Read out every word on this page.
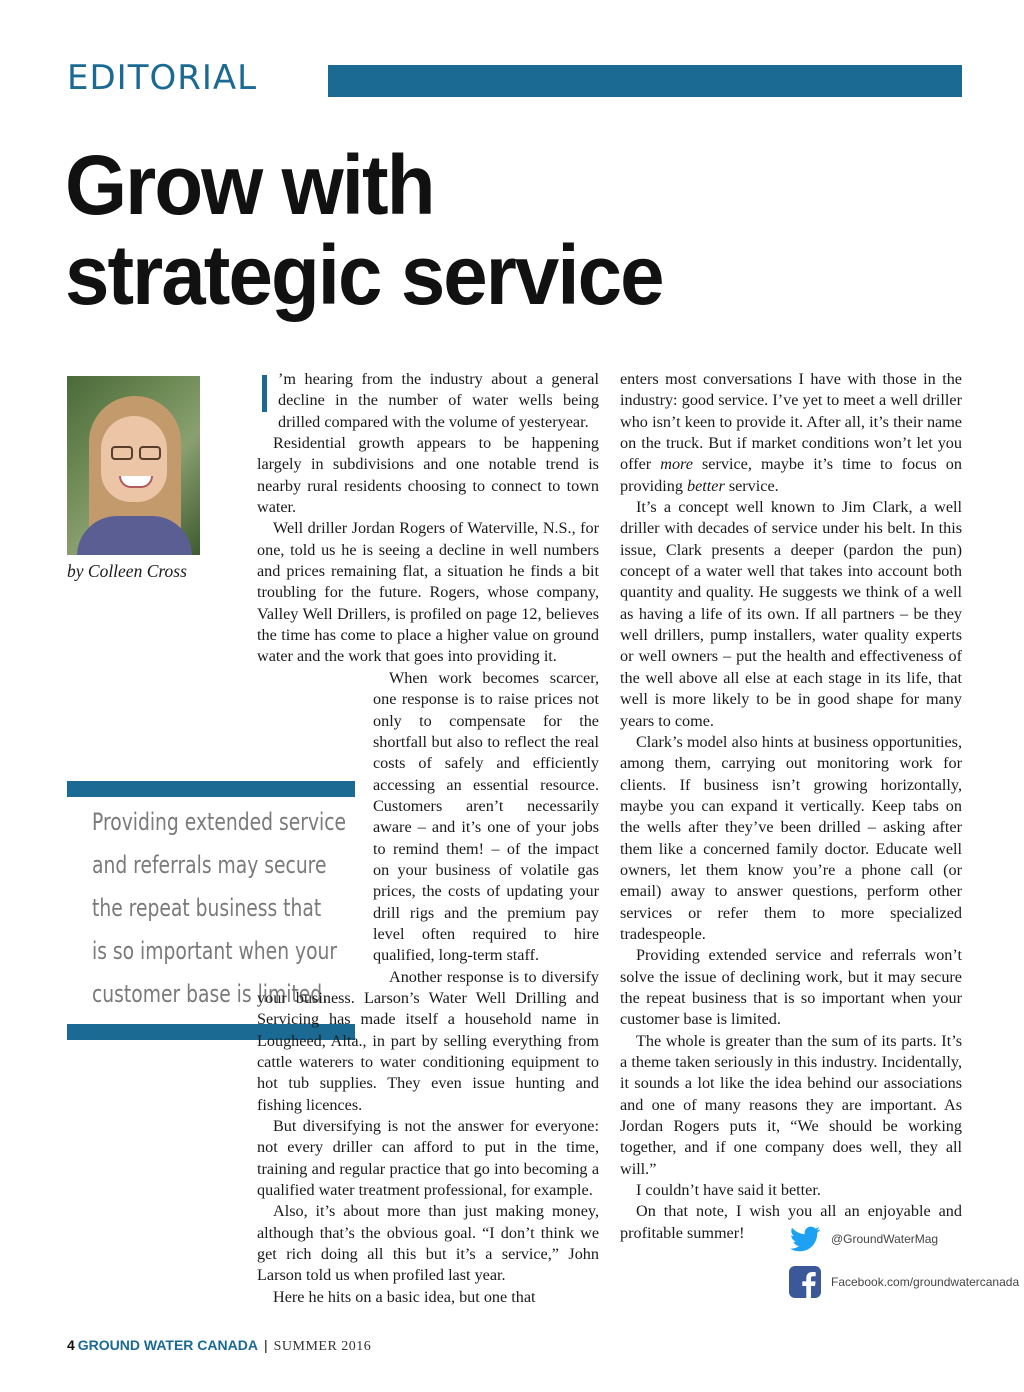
EDITORIAL
Grow with
strategic service
by Colleen Cross
Providing extended service
and referrals may secure
the repeat business that
is so important when your
customer base is limited.

I ’m hearing from the industry about a general decline in the number of water wells being drilled compared with the volume of yesteryear.

Residential growth appears to be happening largely in subdivisions and one notable trend is nearby rural residents choosing to connect to town water.

Well driller Jordan Rogers of Waterville, N.S., for one, told us he is seeing a decline in well numbers and prices remaining flat, a situation he finds a bit troubling for the future. Rogers, whose company, Valley Well Drillers, is profiled on page 12, believes the time has come to place a higher value on ground water and the work that goes into providing it.

When work becomes scarcer, one response is to raise prices not only to compensate for the shortfall but also to reflect the real costs of safely and efficiently accessing an essential resource. Customers aren’t necessarily aware – and it’s one of your jobs to remind them! – of the impact on your business of volatile gas prices, the costs of updating your drill rigs and the premium pay level often required to hire qualified, long-term staff.

Another response is to diversify your business. Larson’s Water Well Drilling and Servicing has made itself a household name in Lougheed, Alta., in part by selling everything from cattle waterers to water conditioning equipment to hot tub supplies. They even issue hunting and fishing licences.

But diversifying is not the answer for everyone: not every driller can afford to put in the time, training and regular practice that go into becoming a qualified water treatment professional, for example.

Also, it’s about more than just making money, although that’s the obvious goal. “I don’t think we get rich doing all this but it’s a service,” John Larson told us when profiled last year.

Here he hits on a basic idea, but one that

enters most conversations I have with those in the industry: good service. I’ve yet to meet a well driller who isn’t keen to provide it. After all, it’s their name on the truck. But if market conditions won’t let you offer more service, maybe it’s time to focus on providing better service.

It’s a concept well known to Jim Clark, a well driller with decades of service under his belt. In this issue, Clark presents a deeper (pardon the pun) concept of a water well that takes into account both quantity and quality. He suggests we think of a well as having a life of its own. If all partners – be they well drillers, pump installers, water quality experts or well owners – put the health and effectiveness of the well above all else at each stage in its life, that well is more likely to be in good shape for many years to come.

Clark’s model also hints at business opportunities, among them, carrying out monitoring work for clients. If business isn’t growing horizontally, maybe you can expand it vertically. Keep tabs on the wells after they’ve been drilled – asking after them like a concerned family doctor. Educate well owners, let them know you’re a phone call (or email) away to answer questions, perform other services or refer them to more specialized tradespeople.

Providing extended service and referrals won’t solve the issue of declining work, but it may secure the repeat business that is so important when your customer base is limited.

The whole is greater than the sum of its parts. It’s a theme taken seriously in this industry. Incidentally, it sounds a lot like the idea behind our associations and one of many reasons they are important. As Jordan Rogers puts it, “We should be working together, and if one company does well, they all will.”

I couldn’t have said it better.

On that note, I wish you all an enjoyable and profitable summer!	@GroundWaterMag
Facebook.com/groundwatercanada
4 GROUND WATER CANADA | SUMMER 2016
